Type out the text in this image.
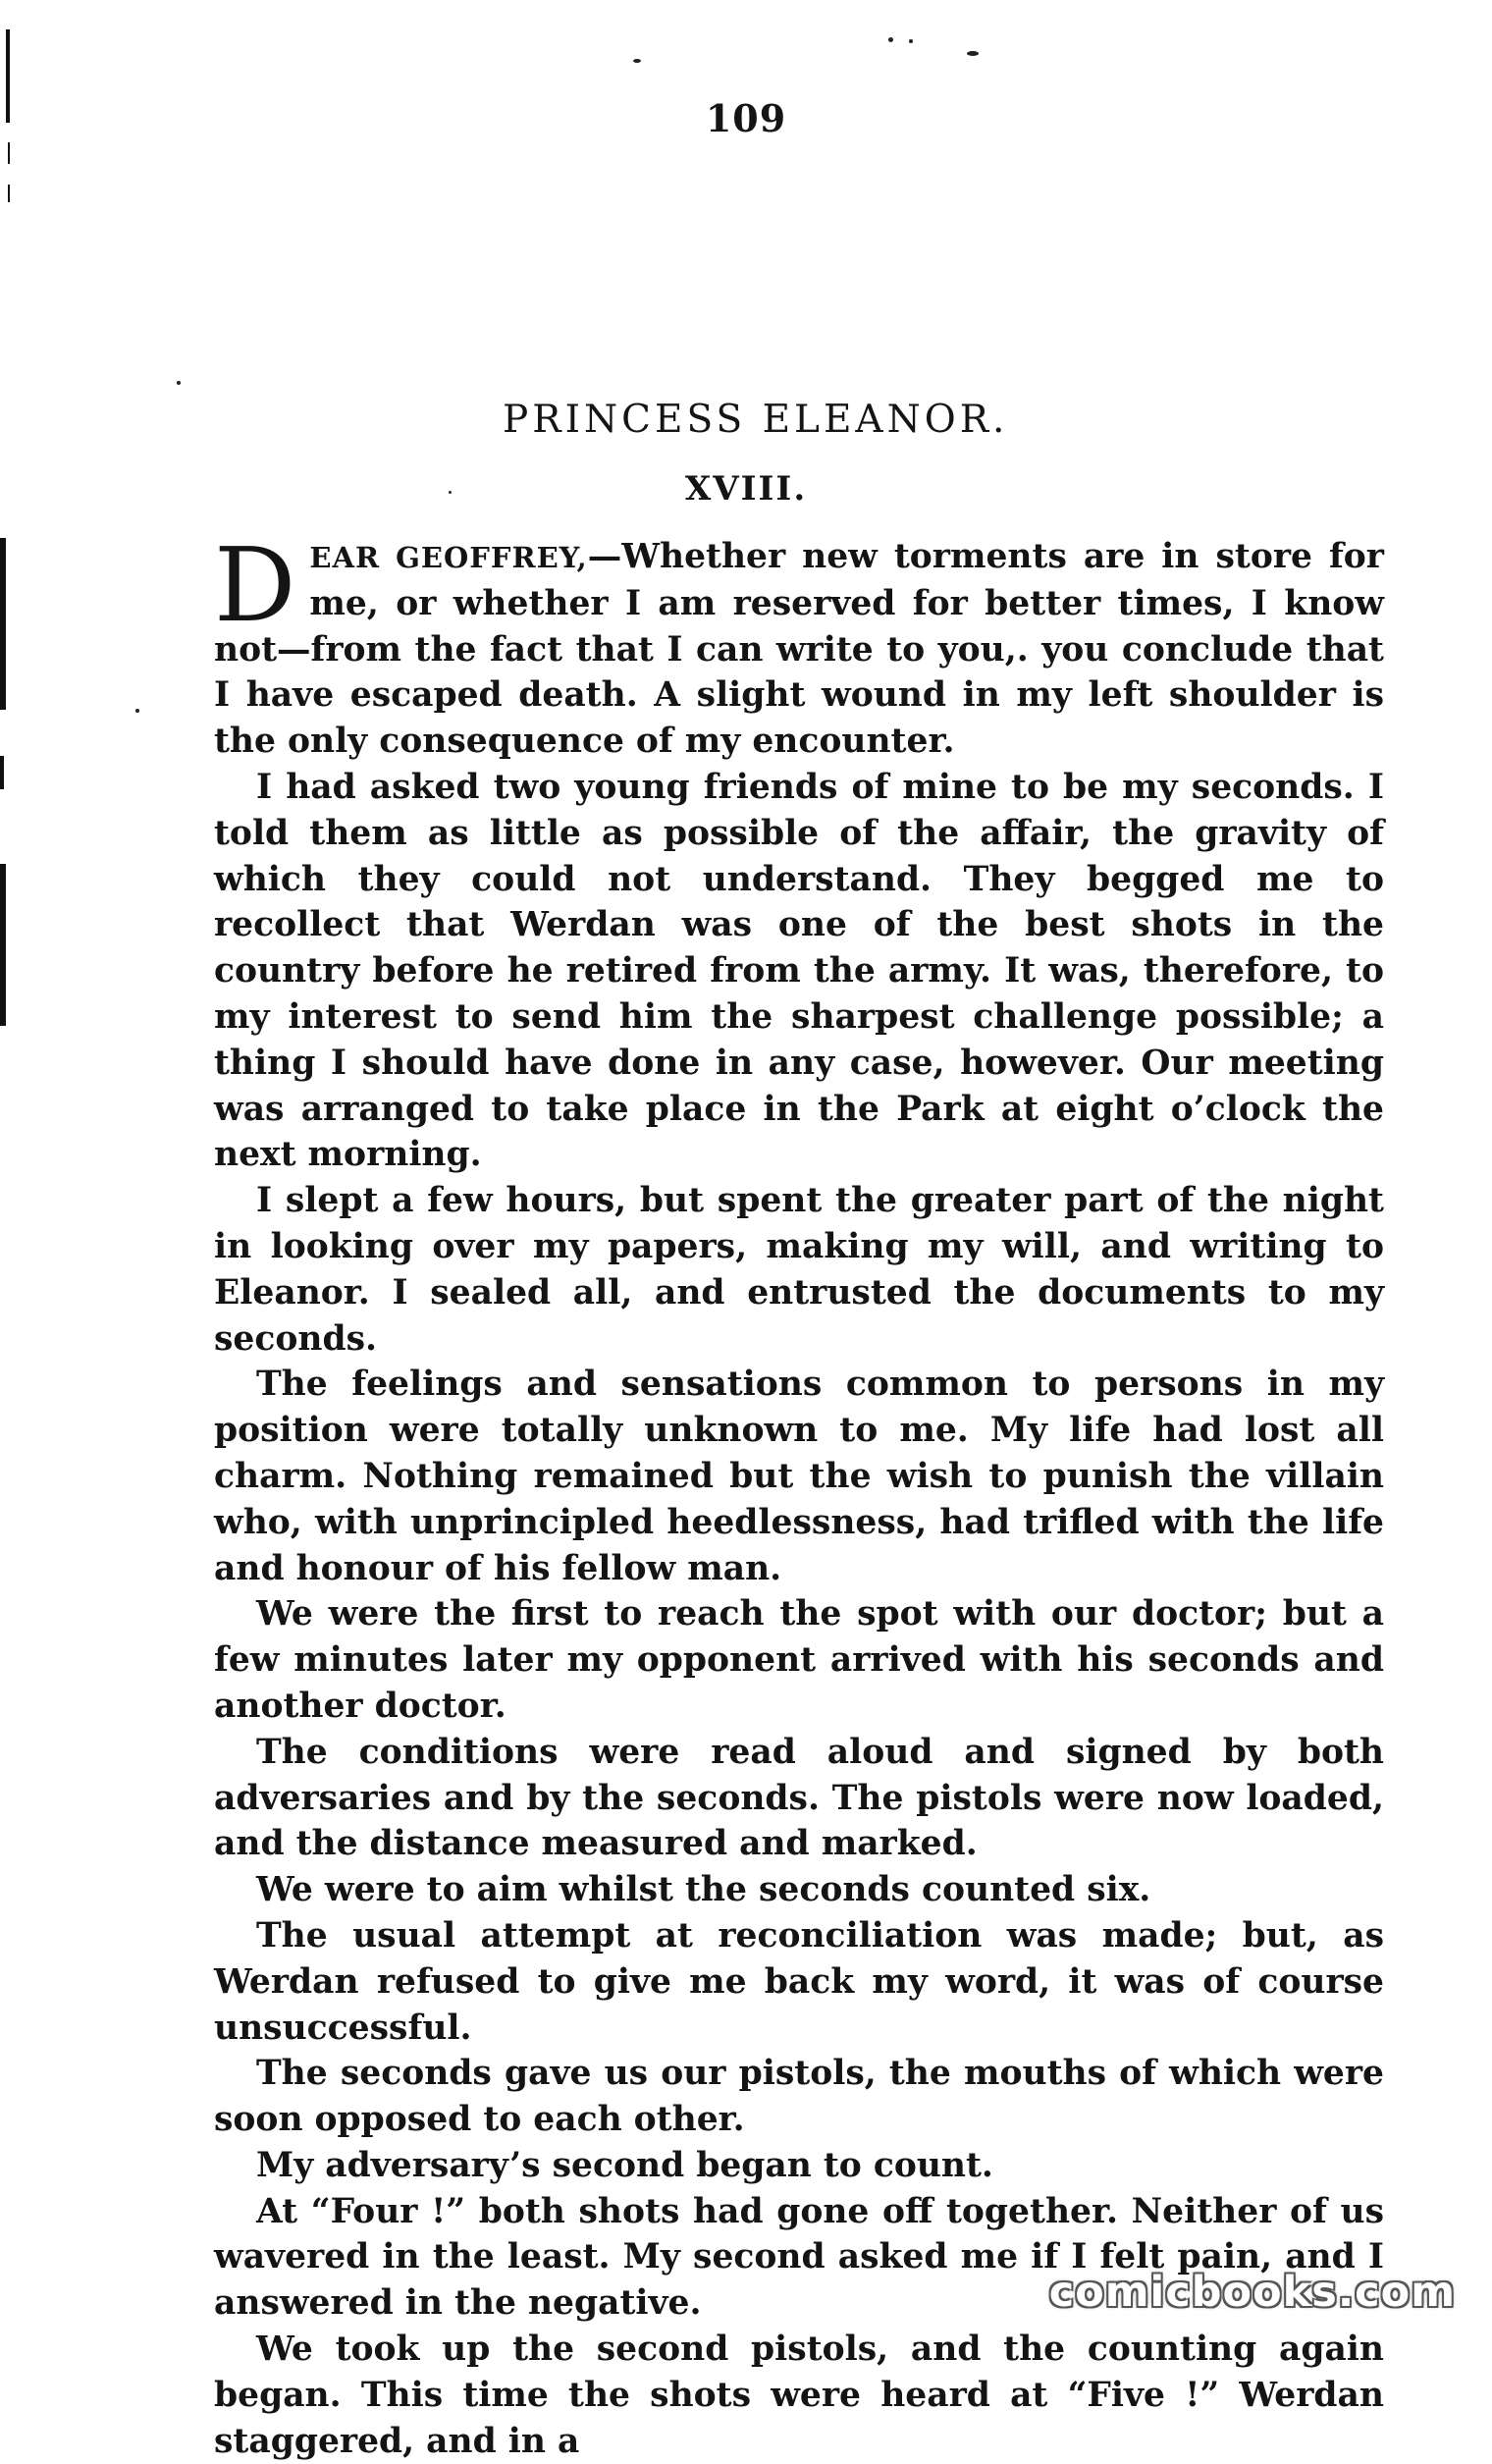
109
PRINCESS ELEANOR.
XVIII.

DEAR GEOFFREY,—Whether new torments are in store for me, or whether I am reserved for better times, I know not—from the fact that I can write to you,. you conclude that I have escaped death. A slight wound in my left shoulder is the only consequence of my encounter.

I had asked two young friends of mine to be my seconds. I told them as little as possible of the affair, the gravity of which they could not understand. They begged me to recollect that Werdan was one of the best shots in the country before he retired from the army. It was, therefore, to my interest to send him the sharpest challenge possible; a thing I should have done in any case, however. Our meeting was arranged to take place in the Park at eight o’clock the next morning.

I slept a few hours, but spent the greater part of the night in looking over my papers, making my will, and writing to Eleanor. I sealed all, and entrusted the documents to my seconds.

The feelings and sensations common to persons in my position were totally unknown to me. My life had lost all charm. Nothing remained but the wish to punish the villain who, with unprincipled heedlessness, had trifled with the life and honour of his fellow man.

We were the first to reach the spot with our doctor; but a few minutes later my opponent arrived with his seconds and another doctor.

The conditions were read aloud and signed by both adversaries and by the seconds. The pistols were now loaded, and the distance measured and marked.

We were to aim whilst the seconds counted six.

The usual attempt at reconciliation was made; but, as Werdan refused to give me back my word, it was of course unsuccessful.

The seconds gave us our pistols, the mouths of which were soon opposed to each other.

My adversary’s second began to count.

At “Four !” both shots had gone off together. Neither of us wavered in the least. My second asked me if I felt pain, and I answered in the negative.

We took up the second pistols, and the counting again began. This time the shots were heard at “Five !” Werdan staggered, and in a

comicbooks.com
